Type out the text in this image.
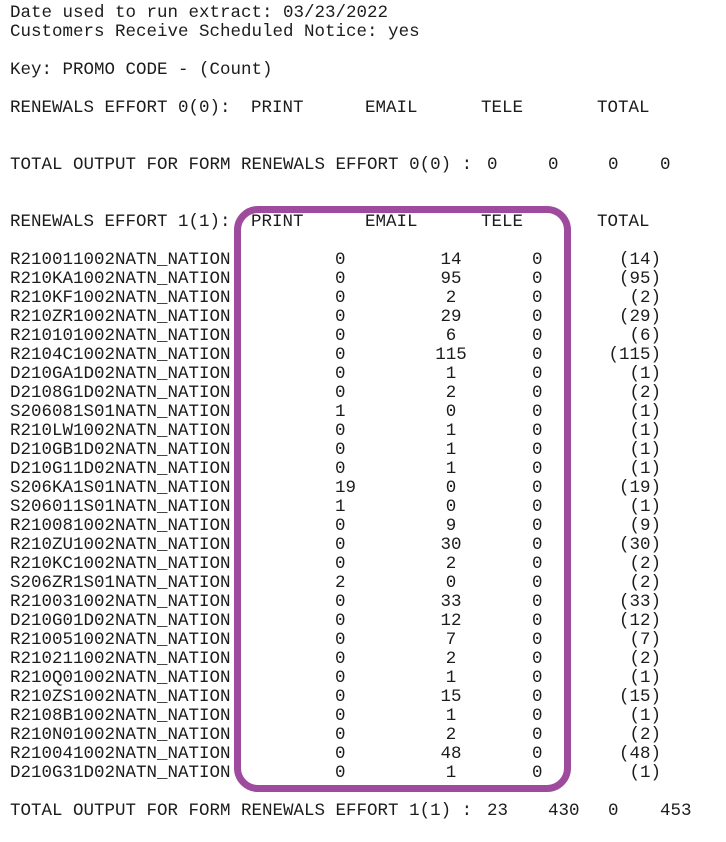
Date used to run extract: 03/23/2022
Customers Receive Scheduled Notice: yes
Key: PROMO CODE - (Count)
RENEWALS EFFORT 0(0): PRINT	EMAIL	TELE	TOTAL
TOTAL OUTPUT FOR FORM RENEWALS EFFORT 0(0) : 0	0	0 0
RENEWALS EFFORT 1(1): PRINT	EMAIL	TELE	TOTAL
R210011002NATN_NATION	0	14	0	(14)
R210KA1002NATN_NATION	0	95	0	(95)
R210KF1002NATN_NATION	0	2	0	(2)
R210ZR1002NATN_NATION	0	29	0	(29)
R210101002NATN_NATION	0	6	0	(6)
R2104C1002NATN_NATION	0	115	0	(115)
D210GA1D02NATN_NATION	0	1	0	(1)
D2108G1D02NATN_NATION	0	2	0	(2)
S206081S01NATN_NATION	1	0	0	(1)
R210LW1002NATN_NATION	0	1	0	(1)
D210GB1D02NATN_NATION	0	1	0	(1)
D210G11D02NATN_NATION	0	1	0	(1)
S206KA1S01NATN_NATION	19	0	0	(19)
S206011S01NATN_NATION	1	0	0	(1)
R210081002NATN_NATION	0	9	0	(9)
R210ZU1002NATN_NATION	0	30	0	(30)
R210KC1002NATN_NATION	0	2	0	(2)
S206ZR1S01NATN_NATION	2	0	0	(2)
R210031002NATN_NATION	0	33	0	(33)
D210G01D02NATN_NATION	0	12	0	(12)
R210051002NATN_NATION	0	7	0	(7)
R210211002NATN_NATION	0	2	0	(2)
R210Q01002NATN_NATION	0	1	0	(1)
R210ZS1002NATN_NATION	0	15	0	(15)
R2108B1002NATN_NATION	0	1	0	(1)
R210N01002NATN_NATION	0	2	0	(2)
R210041002NATN_NATION	0	48	0	(48)
D210G31D02NATN_NATION	0	1	0	(1)
TOTAL OUTPUT FOR FORM RENEWALS EFFORT 1(1) : 23 430 0 453
